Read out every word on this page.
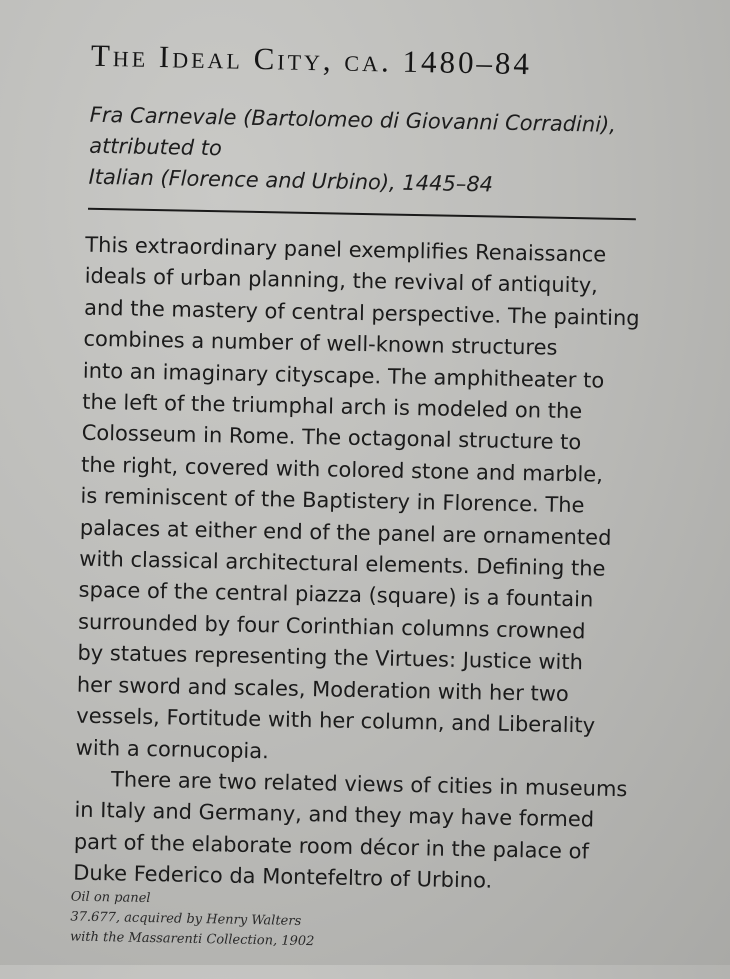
The Ideal City, ca. 1480–84
Fra Carnevale (Bartolomeo di Giovanni Corradini),
attributed to
Italian (Florence and Urbino), 1445–84
This extraordinary panel exemplifies Renaissance
ideals of urban planning, the revival of antiquity,
and the mastery of central perspective. The painting
combines a number of well-known structures
into an imaginary cityscape. The amphitheater to
the left of the triumphal arch is modeled on the
Colosseum in Rome. The octagonal structure to
the right, covered with colored stone and marble,
is reminiscent of the Baptistery in Florence. The
palaces at either end of the panel are ornamented
with classical architectural elements. Defining the
space of the central piazza (square) is a fountain
surrounded by four Corinthian columns crowned
by statues representing the Virtues: Justice with
her sword and scales, Moderation with her two
vessels, Fortitude with her column, and Liberality
with a cornucopia.
There are two related views of cities in museums
in Italy and Germany, and they may have formed
part of the elaborate room décor in the palace of
Duke Federico da Montefeltro of Urbino.
Oil on panel
37.677, acquired by Henry Walters
with the Massarenti Collection, 1902
